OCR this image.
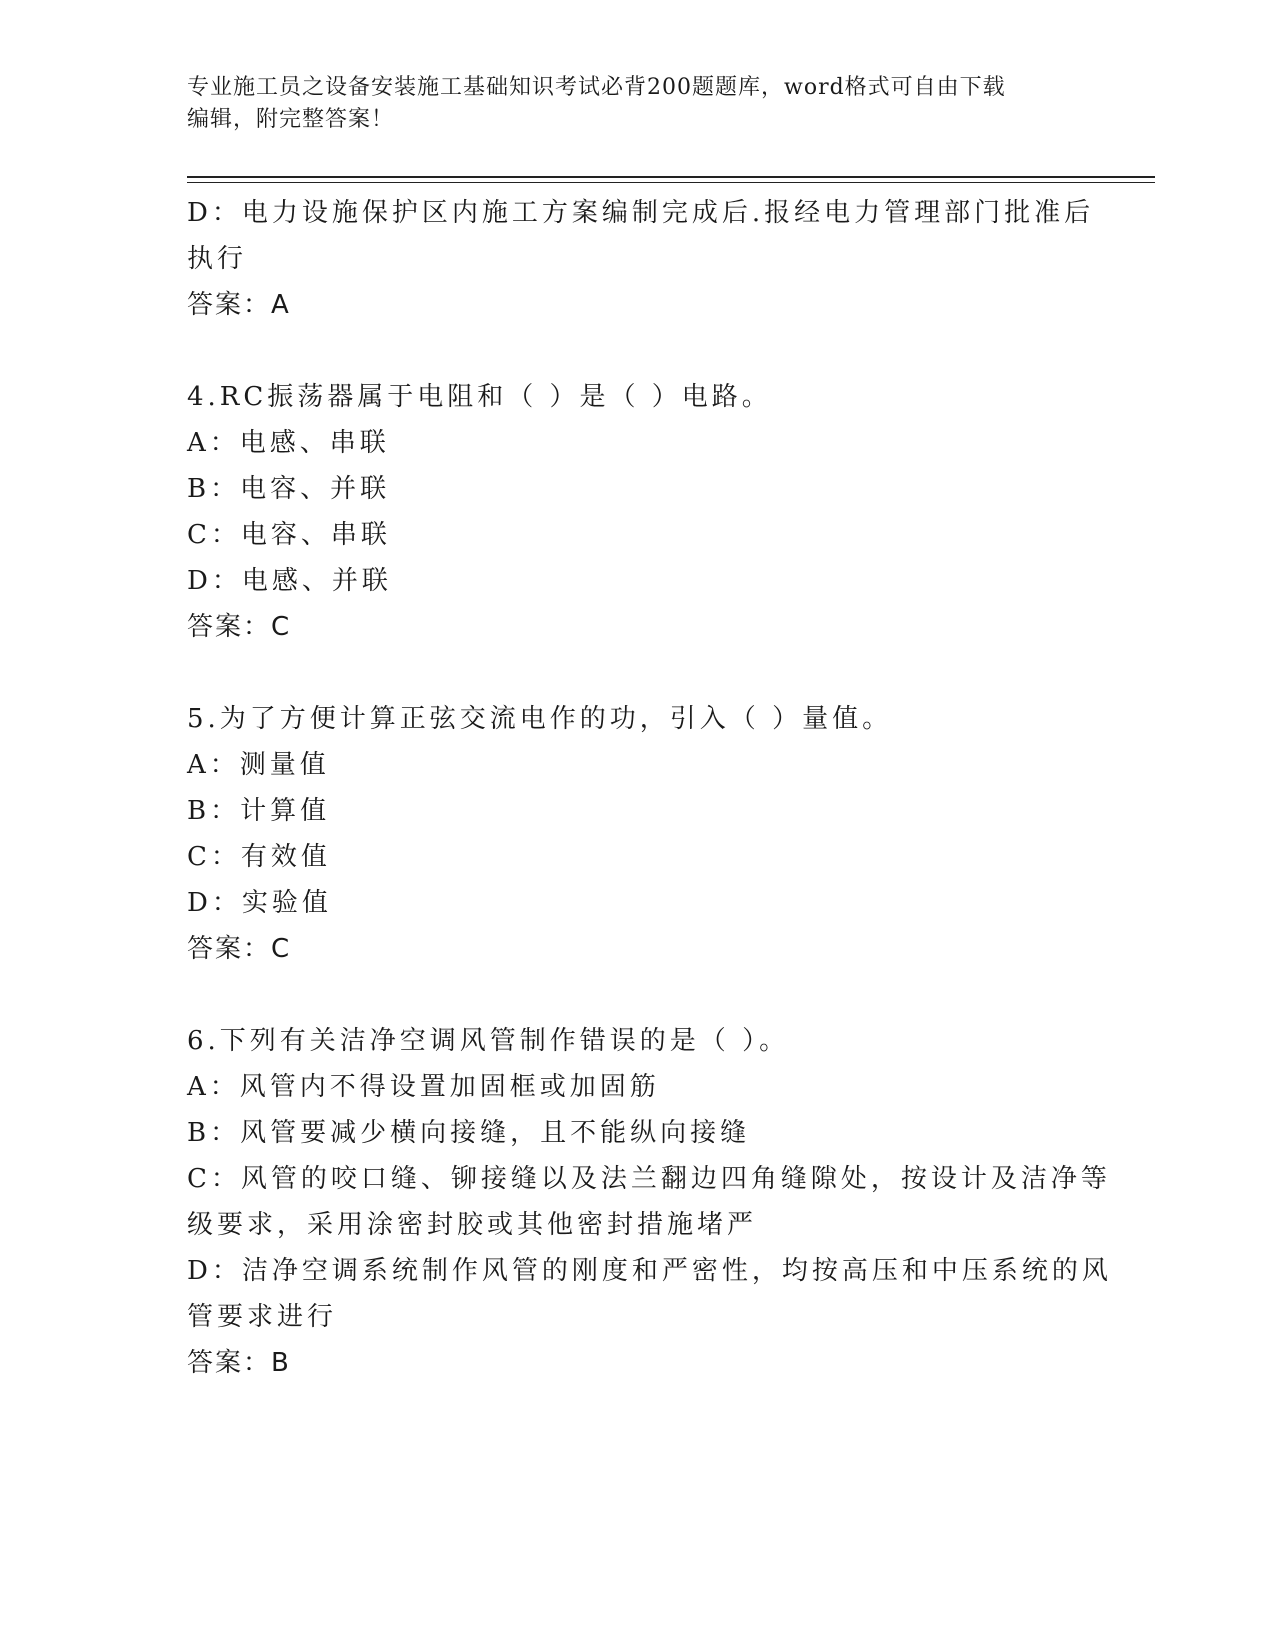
专业施工员之设备安装施工基础知识考试必背200题题库，word格式可自由下载
编辑，附完整答案！
D：电力设施保护区内施工方案编制完成后.报经电力管理部门批准后
执行
答案：A
4.RC振荡器属于电阻和（ ）是（ ）电路。
A：电感、串联
B：电容、并联
C：电容、串联
D：电感、并联
答案：C
5.为了方便计算正弦交流电作的功，引入（ ）量值。
A：测量值
B：计算值
C：有效值
D：实验值
答案：C
6.下列有关洁净空调风管制作错误的是（ ）。
A：风管内不得设置加固框或加固筋
B：风管要减少横向接缝，且不能纵向接缝
C：风管的咬口缝、铆接缝以及法兰翻边四角缝隙处，按设计及洁净等
级要求，采用涂密封胶或其他密封措施堵严
D：洁净空调系统制作风管的刚度和严密性，均按高压和中压系统的风
管要求进行
答案：B
